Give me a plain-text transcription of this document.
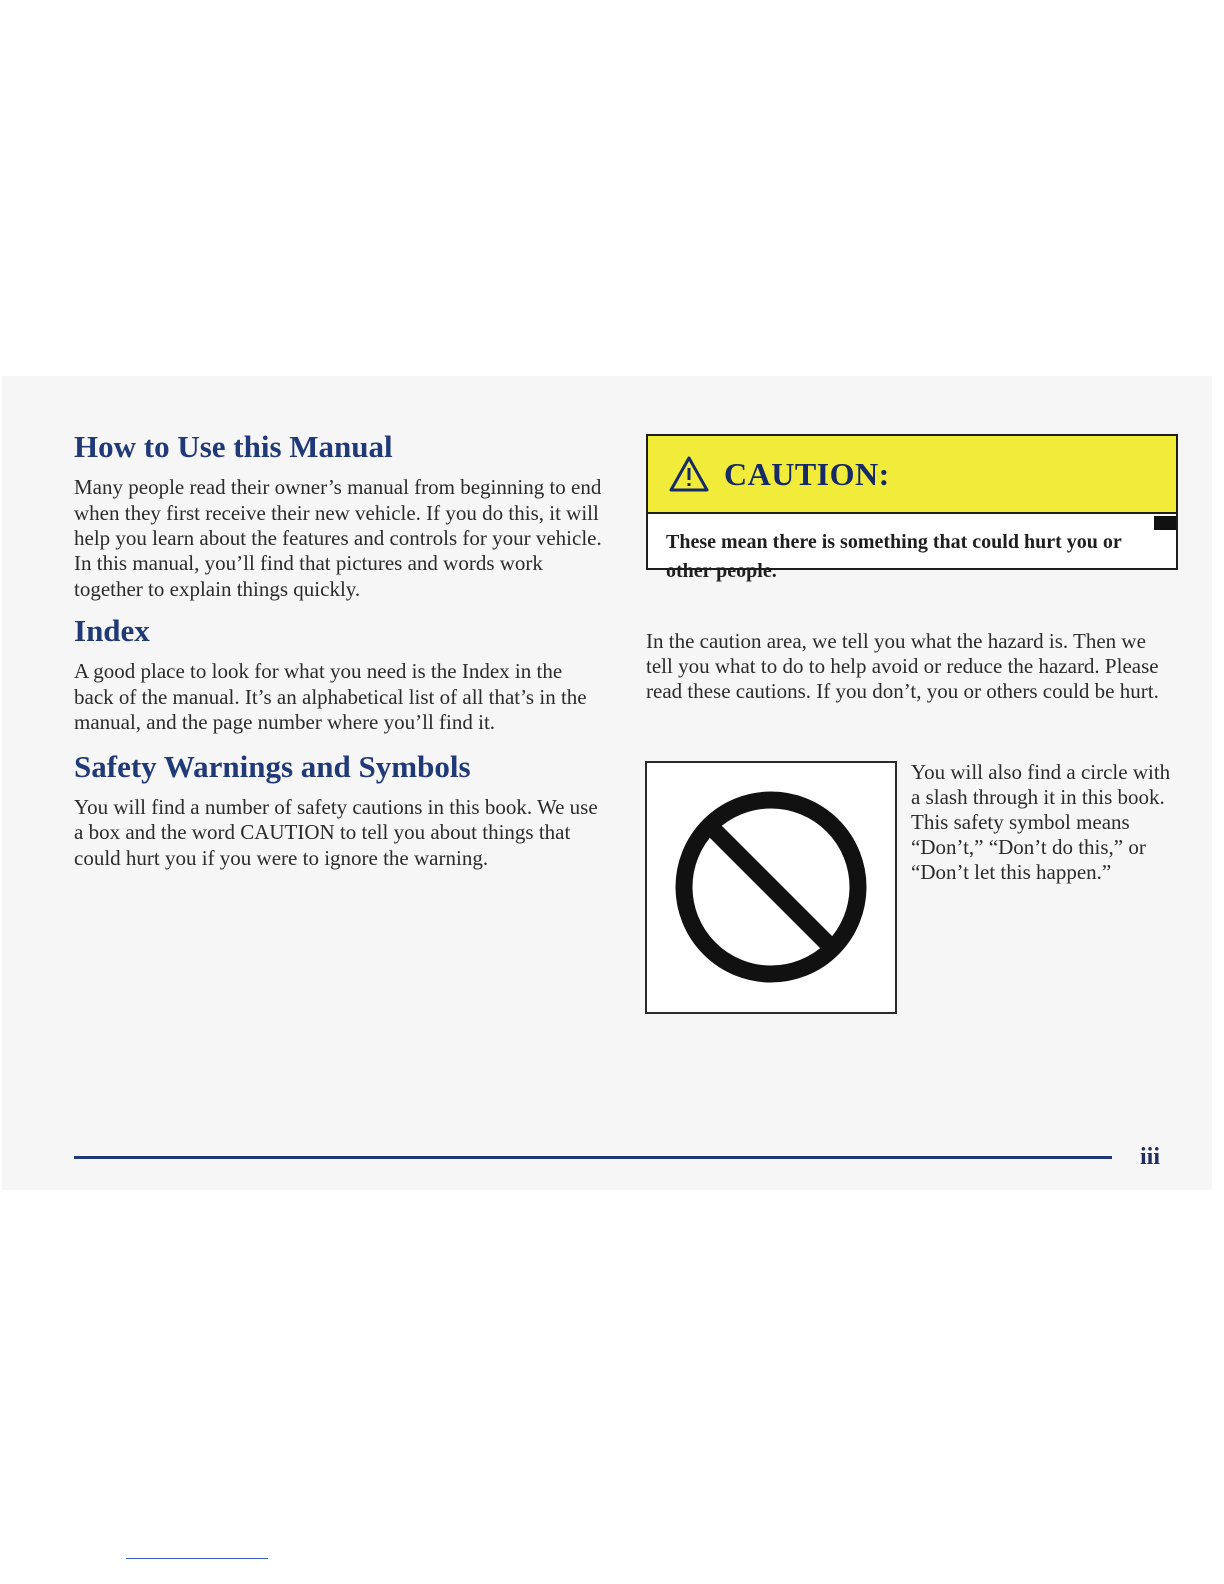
How to Use this Manual

Many people read their owner’s manual from beginning to end when they first receive their new vehicle. If you do this, it will help you learn about the features and controls for your vehicle. In this manual, you’ll find that pictures and words work together to explain things quickly.

Index

A good place to look for what you need is the Index in the back of the manual. It’s an alphabetical list of all that’s in the manual, and the page number where you’ll find it.

Safety Warnings and Symbols

You will find a number of safety cautions in this book. We use a box and the word CAUTION to tell you about things that could hurt you if you were to ignore the warning.

CAUTION:
These mean there is something that could hurt you or other people.

In the caution area, we tell you what the hazard is. Then we tell you what to do to help avoid or reduce the hazard. Please read these cautions. If you don’t, you or others could be hurt.

You will also find a circle with a slash through it in this book. This safety symbol means “Don’t,” “Don’t do this,” or “Don’t let this happen.”

iii
